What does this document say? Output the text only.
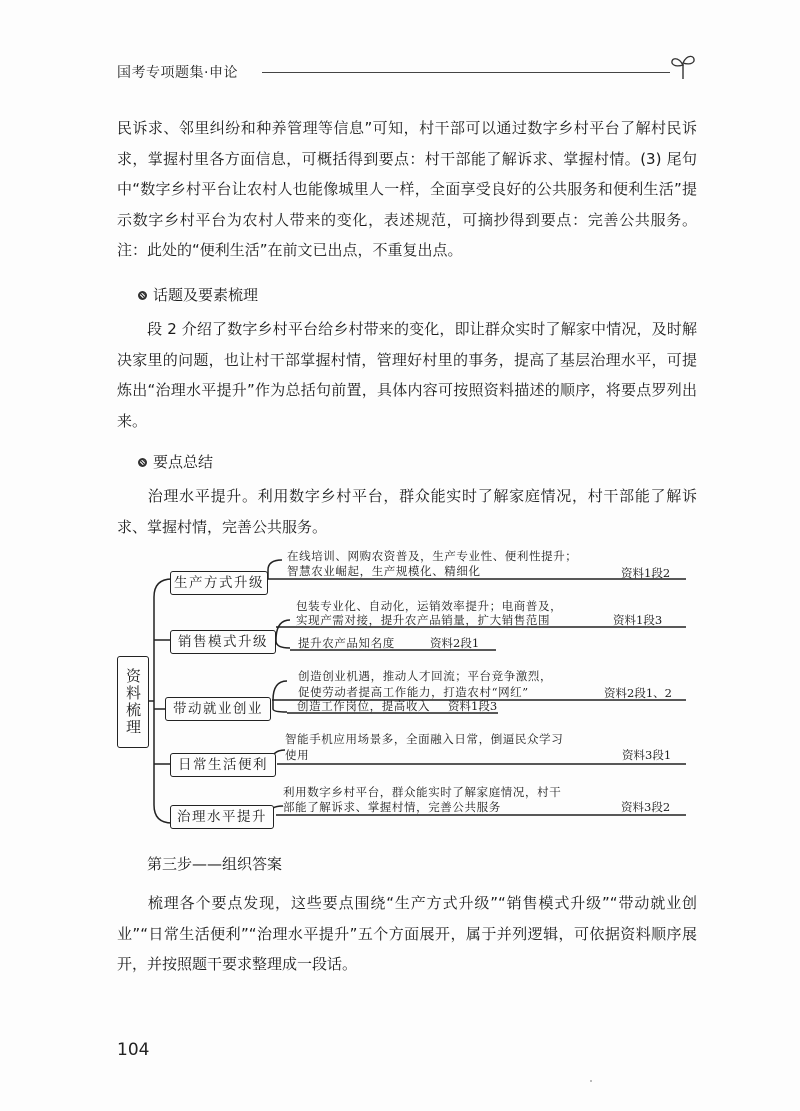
国考专项题集·申论

民诉求、邻里纠纷和种养管理等信息”可知，村干部可以通过数字乡村平台了解村民诉求，掌握村里各方面信息，可概括得到要点：村干部能了解诉求、掌握村情。(3) 尾句中“数字乡村平台让农村人也能像城里人一样，全面享受良好的公共服务和便利生活”提示数字乡村平台为农村人带来的变化，表述规范，可摘抄得到要点：完善公共服务。注：此处的“便利生活”在前文已出点，不重复出点。

话题及要素梳理

段 2 介绍了数字乡村平台给乡村带来的变化，即让群众实时了解家中情况，及时解决家里的问题，也让村干部掌握村情，管理好村里的事务，提高了基层治理水平，可提炼出“治理水平提升”作为总括句前置，具体内容可按照资料描述的顺序，将要点罗列出来。

要点总结

治理水平提升。利用数字乡村平台，群众能实时了解家庭情况，村干部能了解诉求、掌握村情，完善公共服务。

资料梳理
生产方式升级
销售模式升级
带动就业创业
日常生活便利
治理水平提升
在线培训、网购农资普及，生产专业性、便利性提升；
智慧农业崛起，生产规模化、精细化	资料1段2
包装专业化、自动化，运销效率提升；电商普及，
实现产需对接，提升农产品销量，扩大销售范围	资料1段3
提升农产品知名度	资料2段1
创造创业机遇，推动人才回流；平台竞争激烈，
促使劳动者提高工作能力，打造农村“网红”	资料2段1、2
创造工作岗位，提高收入 资料1段3
智能手机应用场景多，全面融入日常，倒逼民众学习
使用	资料3段1
利用数字乡村平台，群众能实时了解家庭情况，村干
部能了解诉求、掌握村情，完善公共服务	资料3段2

第三步——组织答案

梳理各个要点发现，这些要点围绕“生产方式升级”“销售模式升级”“带动就业创业”“日常生活便利”“治理水平提升”五个方面展开，属于并列逻辑，可依据资料顺序展开，并按照题干要求整理成一段话。

104
